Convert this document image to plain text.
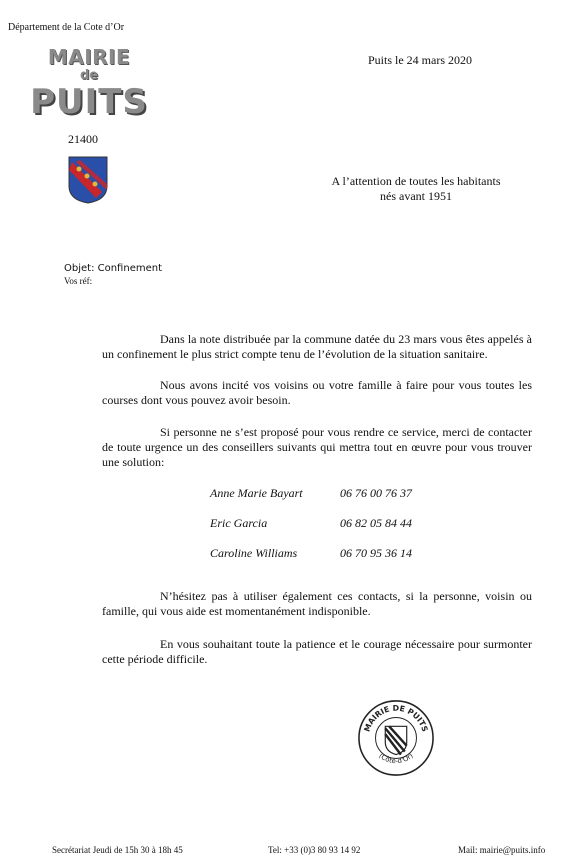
Département de la Cote d’Or
MAIRIE
de
PUITS
21400
Puits le 24 mars 2020
A l’attention de toutes les habitants
nés avant 1951
Objet: Confinement
Vos réf:
Dans la note distribuée par la commune datée du 23 mars vous êtes appelés à un confinement le plus strict compte tenu de l’évolution de la situation sanitaire.
Nous avons incité vos voisins ou votre famille à faire pour vous toutes les courses dont vous pouvez avoir besoin.
Si personne ne s’est proposé pour vous rendre ce service, merci de contacter de toute urgence un des conseillers suivants qui mettra tout en œuvre pour vous trouver une solution:
Anne Marie Bayart	06 76 00 76 37
Eric Garcia	06 82 05 84 44
Caroline Williams	06 70 95 36 14
N’hésitez pas à utiliser également ces contacts, si la personne, voisin ou famille, qui vous aide est momentanément indisponible.
En vous souhaitant toute la patience et le courage nécessaire pour surmonter cette période difficile.
MAIRIE DE PUITS
(Côte-d'Or)
Secrétariat Jeudi de 15h 30 à 18h 45	Tel: +33 (0)3 80 93 14 92	Mail: mairie@puits.info
